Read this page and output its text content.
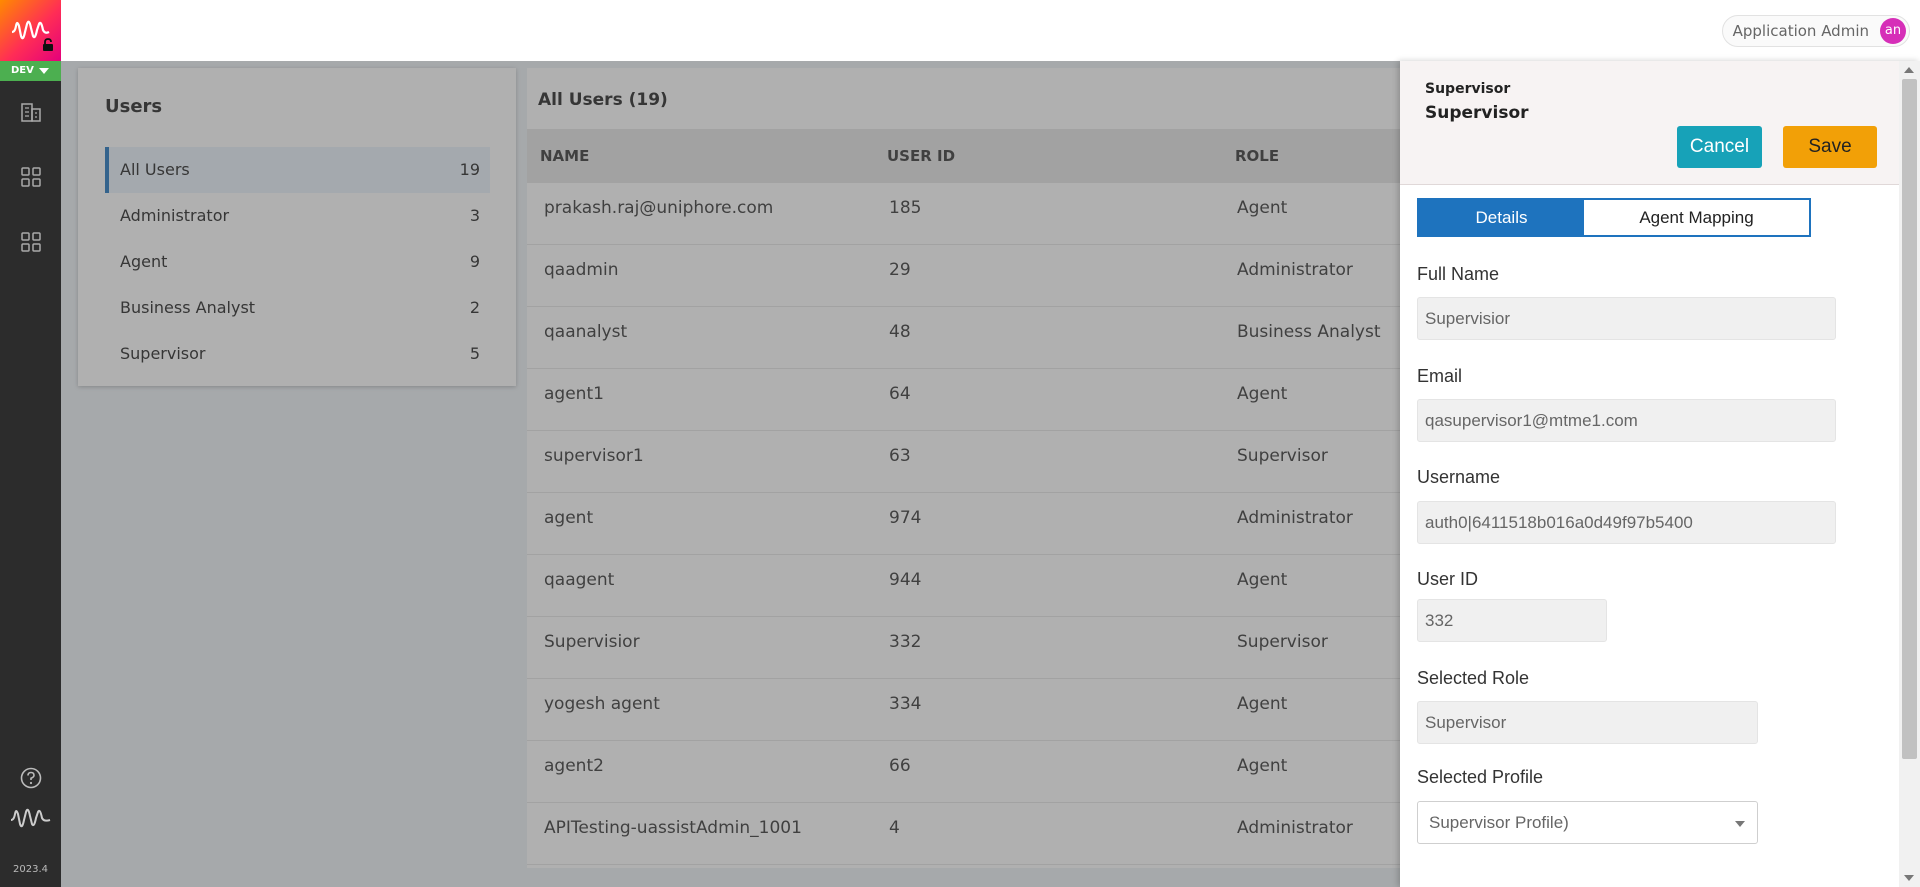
DEV
2023.4
Application Admin	an
Users
All Users	19
Administrator	3
Agent	9
Business Analyst	2
Supervisor	5
All Users (19)
NAME	USER ID	ROLE
prakash.raj@uniphore.com	185	Agent
qaadmin	29	Administrator
qaanalyst	48	Business Analyst
agent1	64	Agent
supervisor1	63	Supervisor
agent	974	Administrator
qaagent	944	Agent
Supervisior	332	Supervisor
yogesh agent	334	Agent
agent2	66	Agent
APITesting-uassistAdmin_1001	4	Administrator
Supervisor
Supervisor
Cancel	Save
Details	Agent Mapping
Full Name
Supervisior
Email
qasupervisor1@mtme1.com
Username
auth0|6411518b016a0d49f97b5400
User ID
332
Selected Role
Supervisor
Selected Profile
Supervisor Profile)
